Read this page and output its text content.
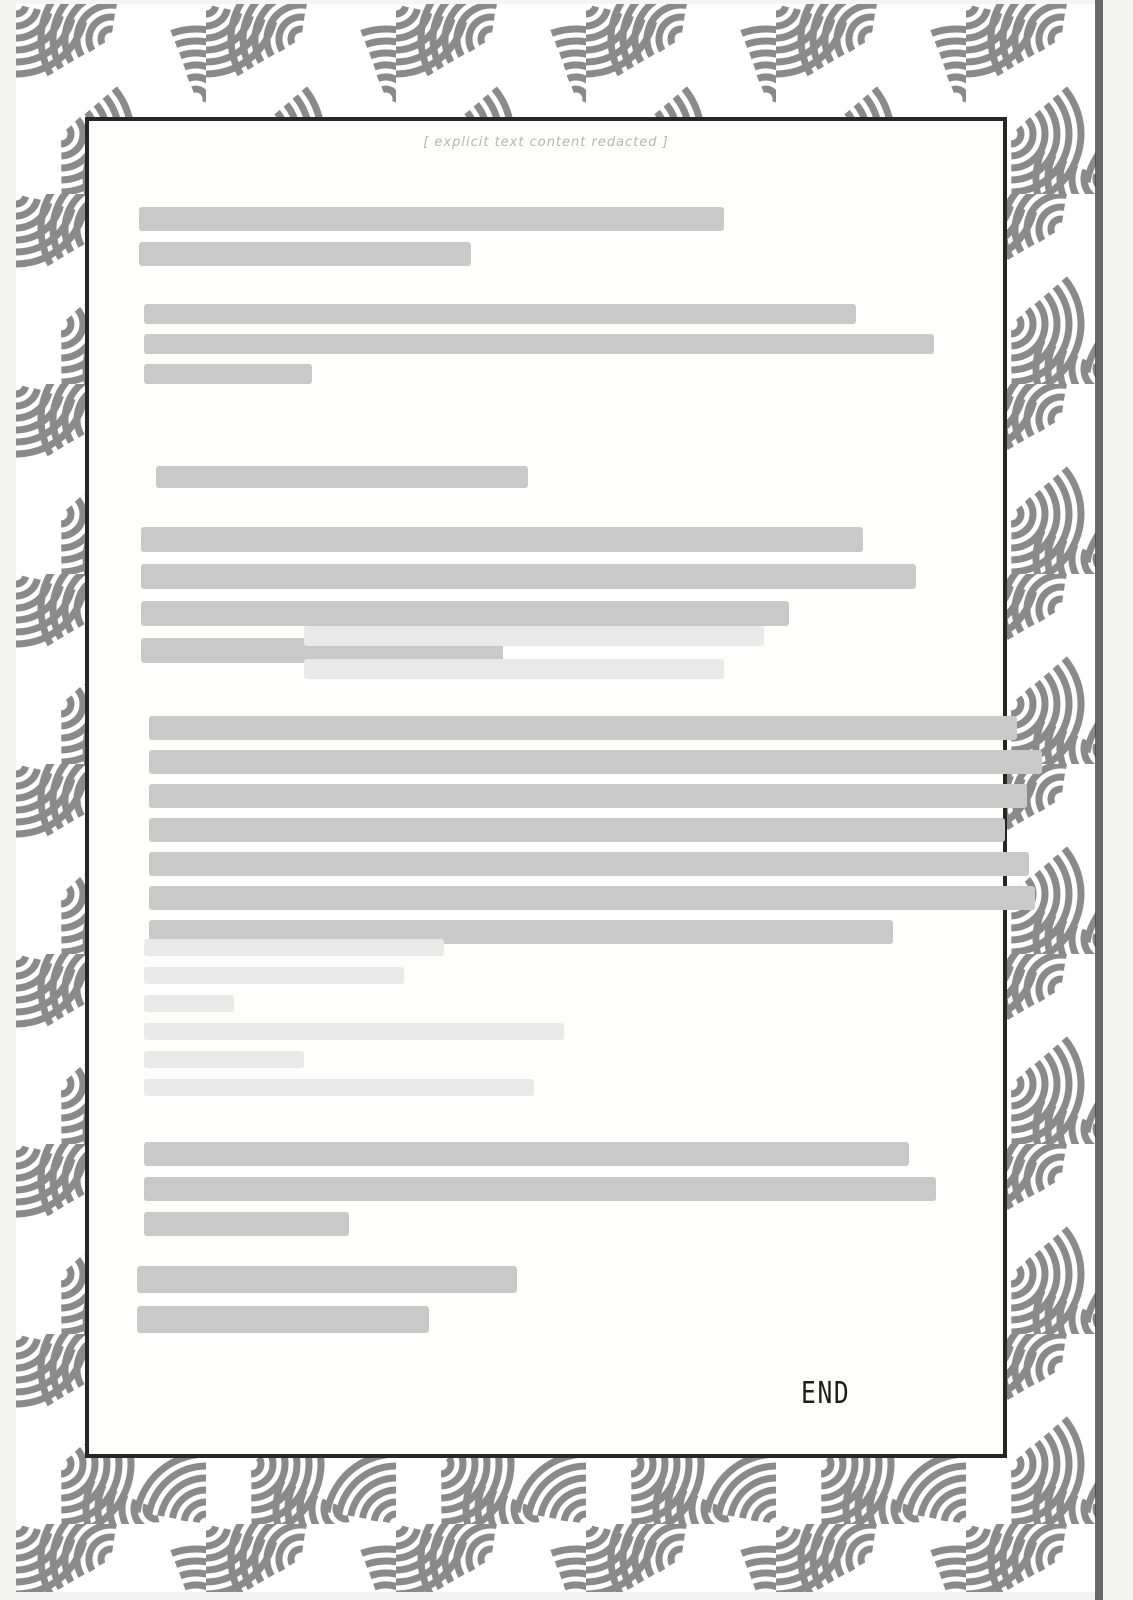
[ explicit text content redacted ]
END
